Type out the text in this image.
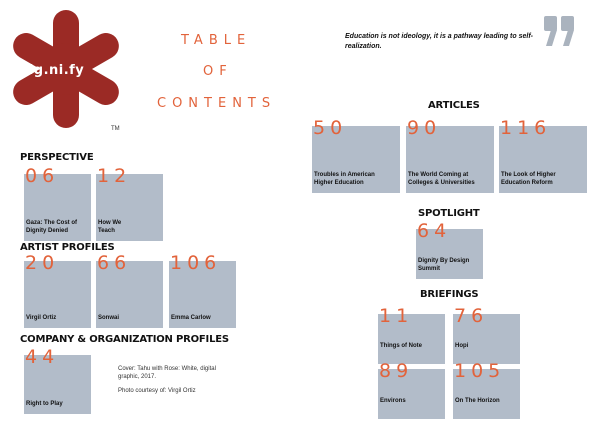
dig.ni.fy
TM
TABLE
OF
CONTENTS
Education is not ideology, it is a pathway leading to self-realization.
PERSPECTIVE
06
Gaza: The Cost of Dignity Denied
12
How We Teach
ARTIST PROFILES
20
Virgil Ortiz
66
Sonwai
106
Emma Carlow
COMPANY & ORGANIZATION PROFILES
44
Right to Play

Cover: Tahu with Rose: White, digital graphic, 2017.

Photo courtesy of: Virgil Ortiz

ARTICLES
50
Troubles in American Higher Education
90
The World Coming at Colleges & Universities
116
The Look of Higher Education Reform
SPOTLIGHT
64
Dignity By Design Summit
BRIEFINGS
11
Things of Note
76
Hopi
89
Environs
105
On The Horizon
